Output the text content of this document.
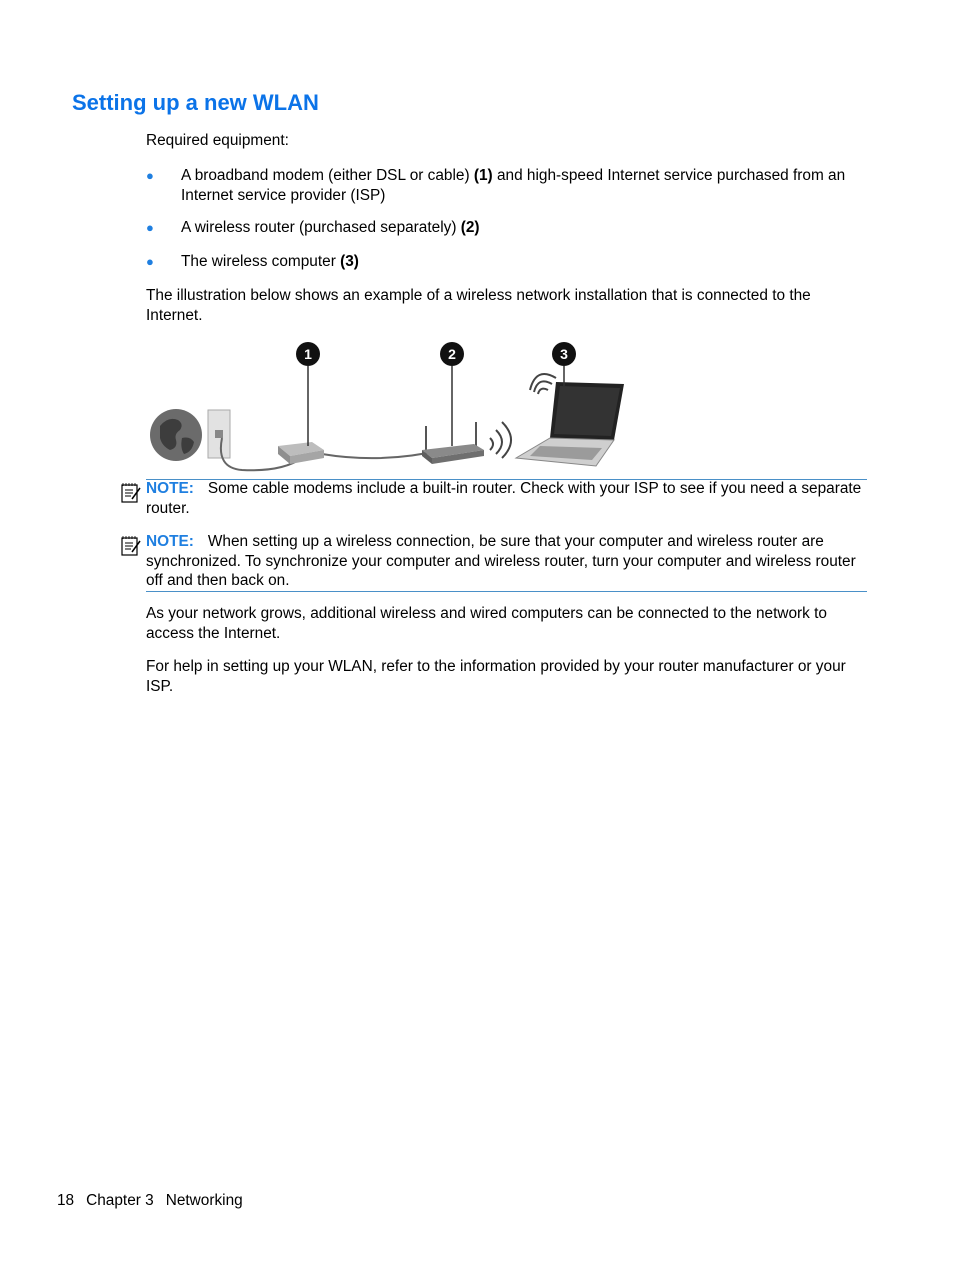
Setting up a new WLAN
Required equipment:
● A broadband modem (either DSL or cable) (1) and high-speed Internet service purchased from an Internet service provider (ISP)
● A wireless router (purchased separately) (2)
● The wireless computer (3)
The illustration below shows an example of a wireless network installation that is connected to the Internet.
1	2	3
NOTE: Some cable modems include a built-in router. Check with your ISP to see if you need a separate router.
NOTE: When setting up a wireless connection, be sure that your computer and wireless router are synchronized. To synchronize your computer and wireless router, turn your computer and wireless router off and then back on.
As your network grows, additional wireless and wired computers can be connected to the network to access the Internet.
For help in setting up your WLAN, refer to the information provided by your router manufacturer or your ISP.
18 Chapter 3 Networking
